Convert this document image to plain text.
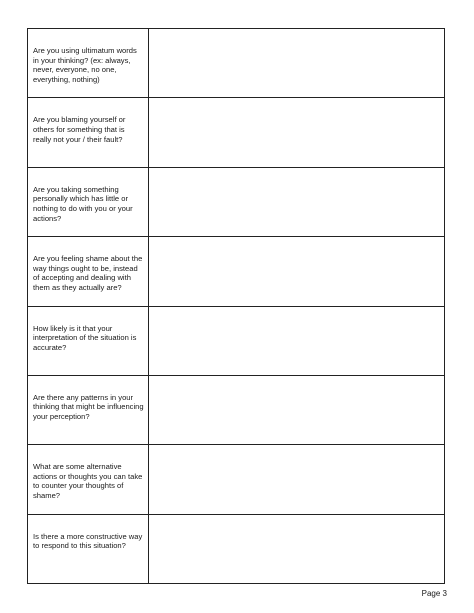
Are you using ultimatum words in your thinking? (ex: always, never, everyone, no one, everything, nothing)
Are you blaming yourself or others for something that is really not your / their fault?
Are you taking something personally which has little or nothing to do with you or your actions?
Are you feeling shame about the way things ought to be, instead of accepting and dealing with them as they actually are?
How likely is it that your interpretation of the situation is accurate?
Are there any patterns in your thinking that might be influencing your perception?
What are some alternative actions or thoughts you can take to counter your thoughts of shame?
Is there a more constructive way to respond to this situation?
Page 3
